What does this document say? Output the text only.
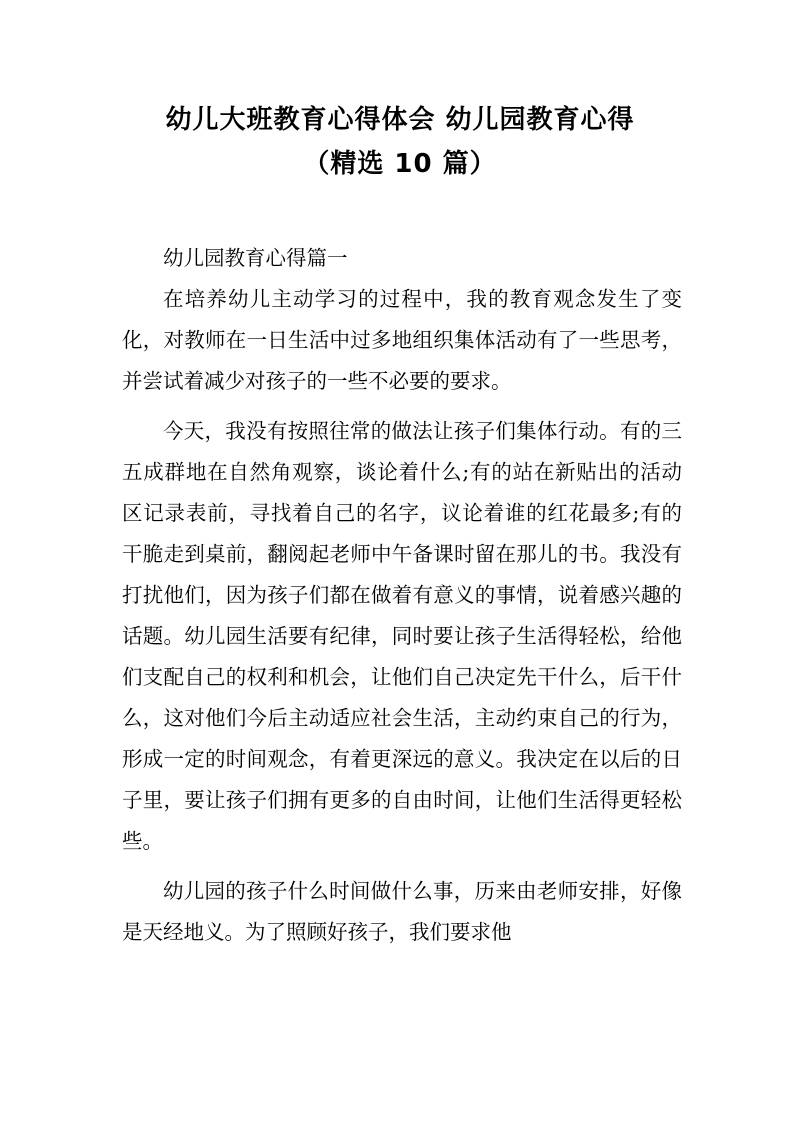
幼儿大班教育心得体会 幼儿园教育心得
（精选 10 篇）
幼儿园教育心得篇一

在培养幼儿主动学习的过程中，我的教育观念发生了变化，对教师在一日生活中过多地组织集体活动有了一些思考，并尝试着减少对孩子的一些不必要的要求。

今天，我没有按照往常的做法让孩子们集体行动。有的三五成群地在自然角观察，谈论着什么;有的站在新贴出的活动区记录表前，寻找着自己的名字，议论着谁的红花最多;有的干脆走到桌前，翻阅起老师中午备课时留在那儿的书。我没有打扰他们，因为孩子们都在做着有意义的事情，说着感兴趣的话题。幼儿园生活要有纪律，同时要让孩子生活得轻松，给他们支配自己的权利和机会，让他们自己决定先干什么，后干什么，这对他们今后主动适应社会生活，主动约束自己的行为，形成一定的时间观念，有着更深远的意义。我决定在以后的日子里，要让孩子们拥有更多的自由时间，让他们生活得更轻松些。

幼儿园的孩子什么时间做什么事，历来由老师安排，好像是天经地义。为了照顾好孩子，我们要求他
